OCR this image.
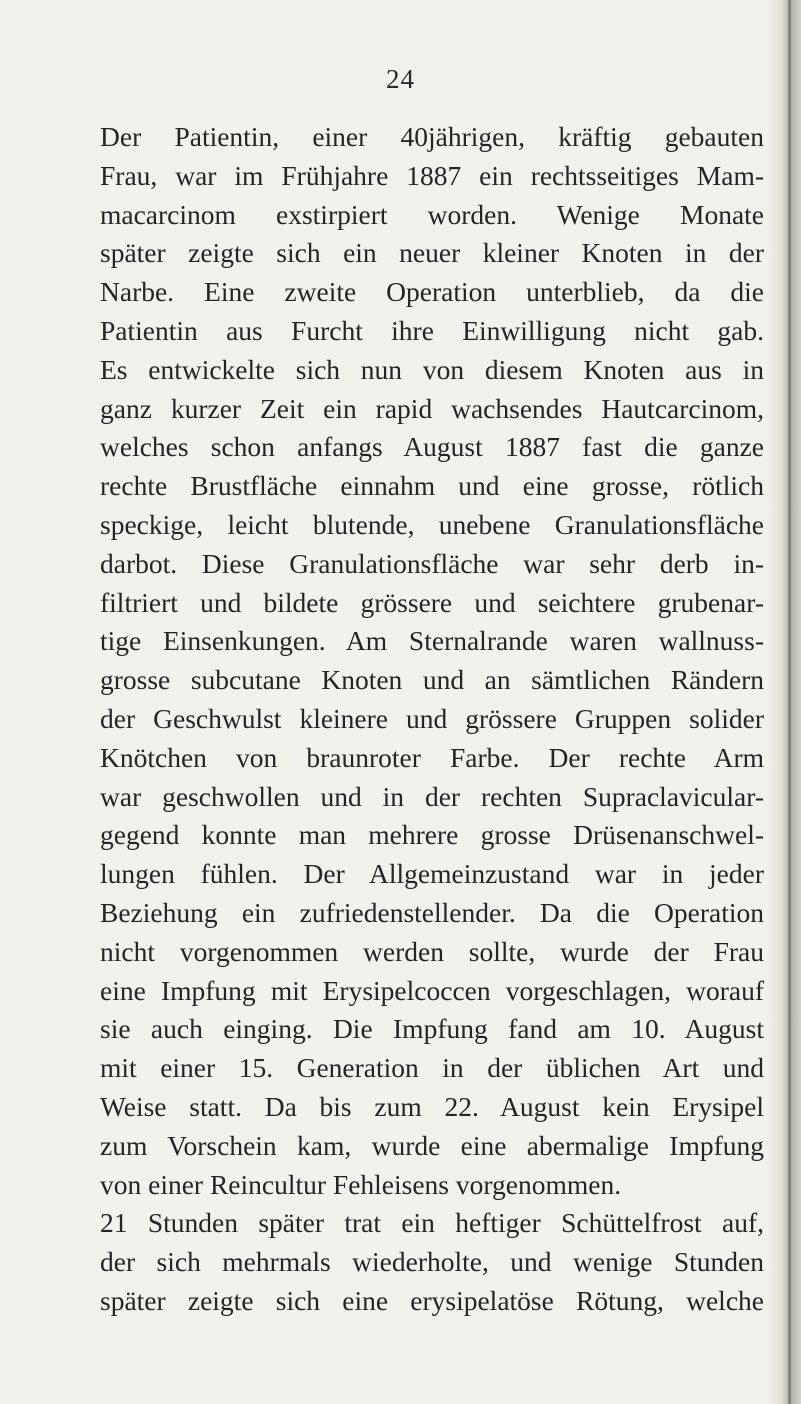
24
Der Patientin, einer 40jährigen, kräftig gebauten
Frau, war im Frühjahre 1887 ein rechtsseitiges Mam-
macarcinom exstirpiert worden. Wenige Monate
später zeigte sich ein neuer kleiner Knoten in der
Narbe. Eine zweite Operation unterblieb, da die
Patientin aus Furcht ihre Einwilligung nicht gab.
Es entwickelte sich nun von diesem Knoten aus in
ganz kurzer Zeit ein rapid wachsendes Hautcarcinom,
welches schon anfangs August 1887 fast die ganze
rechte Brustfläche einnahm und eine grosse, rötlich
speckige, leicht blutende, unebene Granulationsfläche
darbot. Diese Granulationsfläche war sehr derb in-
filtriert und bildete grössere und seichtere grubenar-
tige Einsenkungen. Am Sternalrande waren wallnuss-
grosse subcutane Knoten und an sämtlichen Rändern
der Geschwulst kleinere und grössere Gruppen solider
Knötchen von braunroter Farbe. Der rechte Arm
war geschwollen und in der rechten Supraclavicular-
gegend konnte man mehrere grosse Drüsenanschwel-
lungen fühlen. Der Allgemeinzustand war in jeder
Beziehung ein zufriedenstellender. Da die Operation
nicht vorgenommen werden sollte, wurde der Frau
eine Impfung mit Erysipelcoccen vorgeschlagen, worauf
sie auch einging. Die Impfung fand am 10. August
mit einer 15. Generation in der üblichen Art und
Weise statt. Da bis zum 22. August kein Erysipel
zum Vorschein kam, wurde eine abermalige Impfung
von einer Reincultur Fehleisens vorgenommen.
21 Stunden später trat ein heftiger Schüttelfrost auf,
der sich mehrmals wiederholte, und wenige Stunden
später zeigte sich eine erysipelatöse Rötung, welche
